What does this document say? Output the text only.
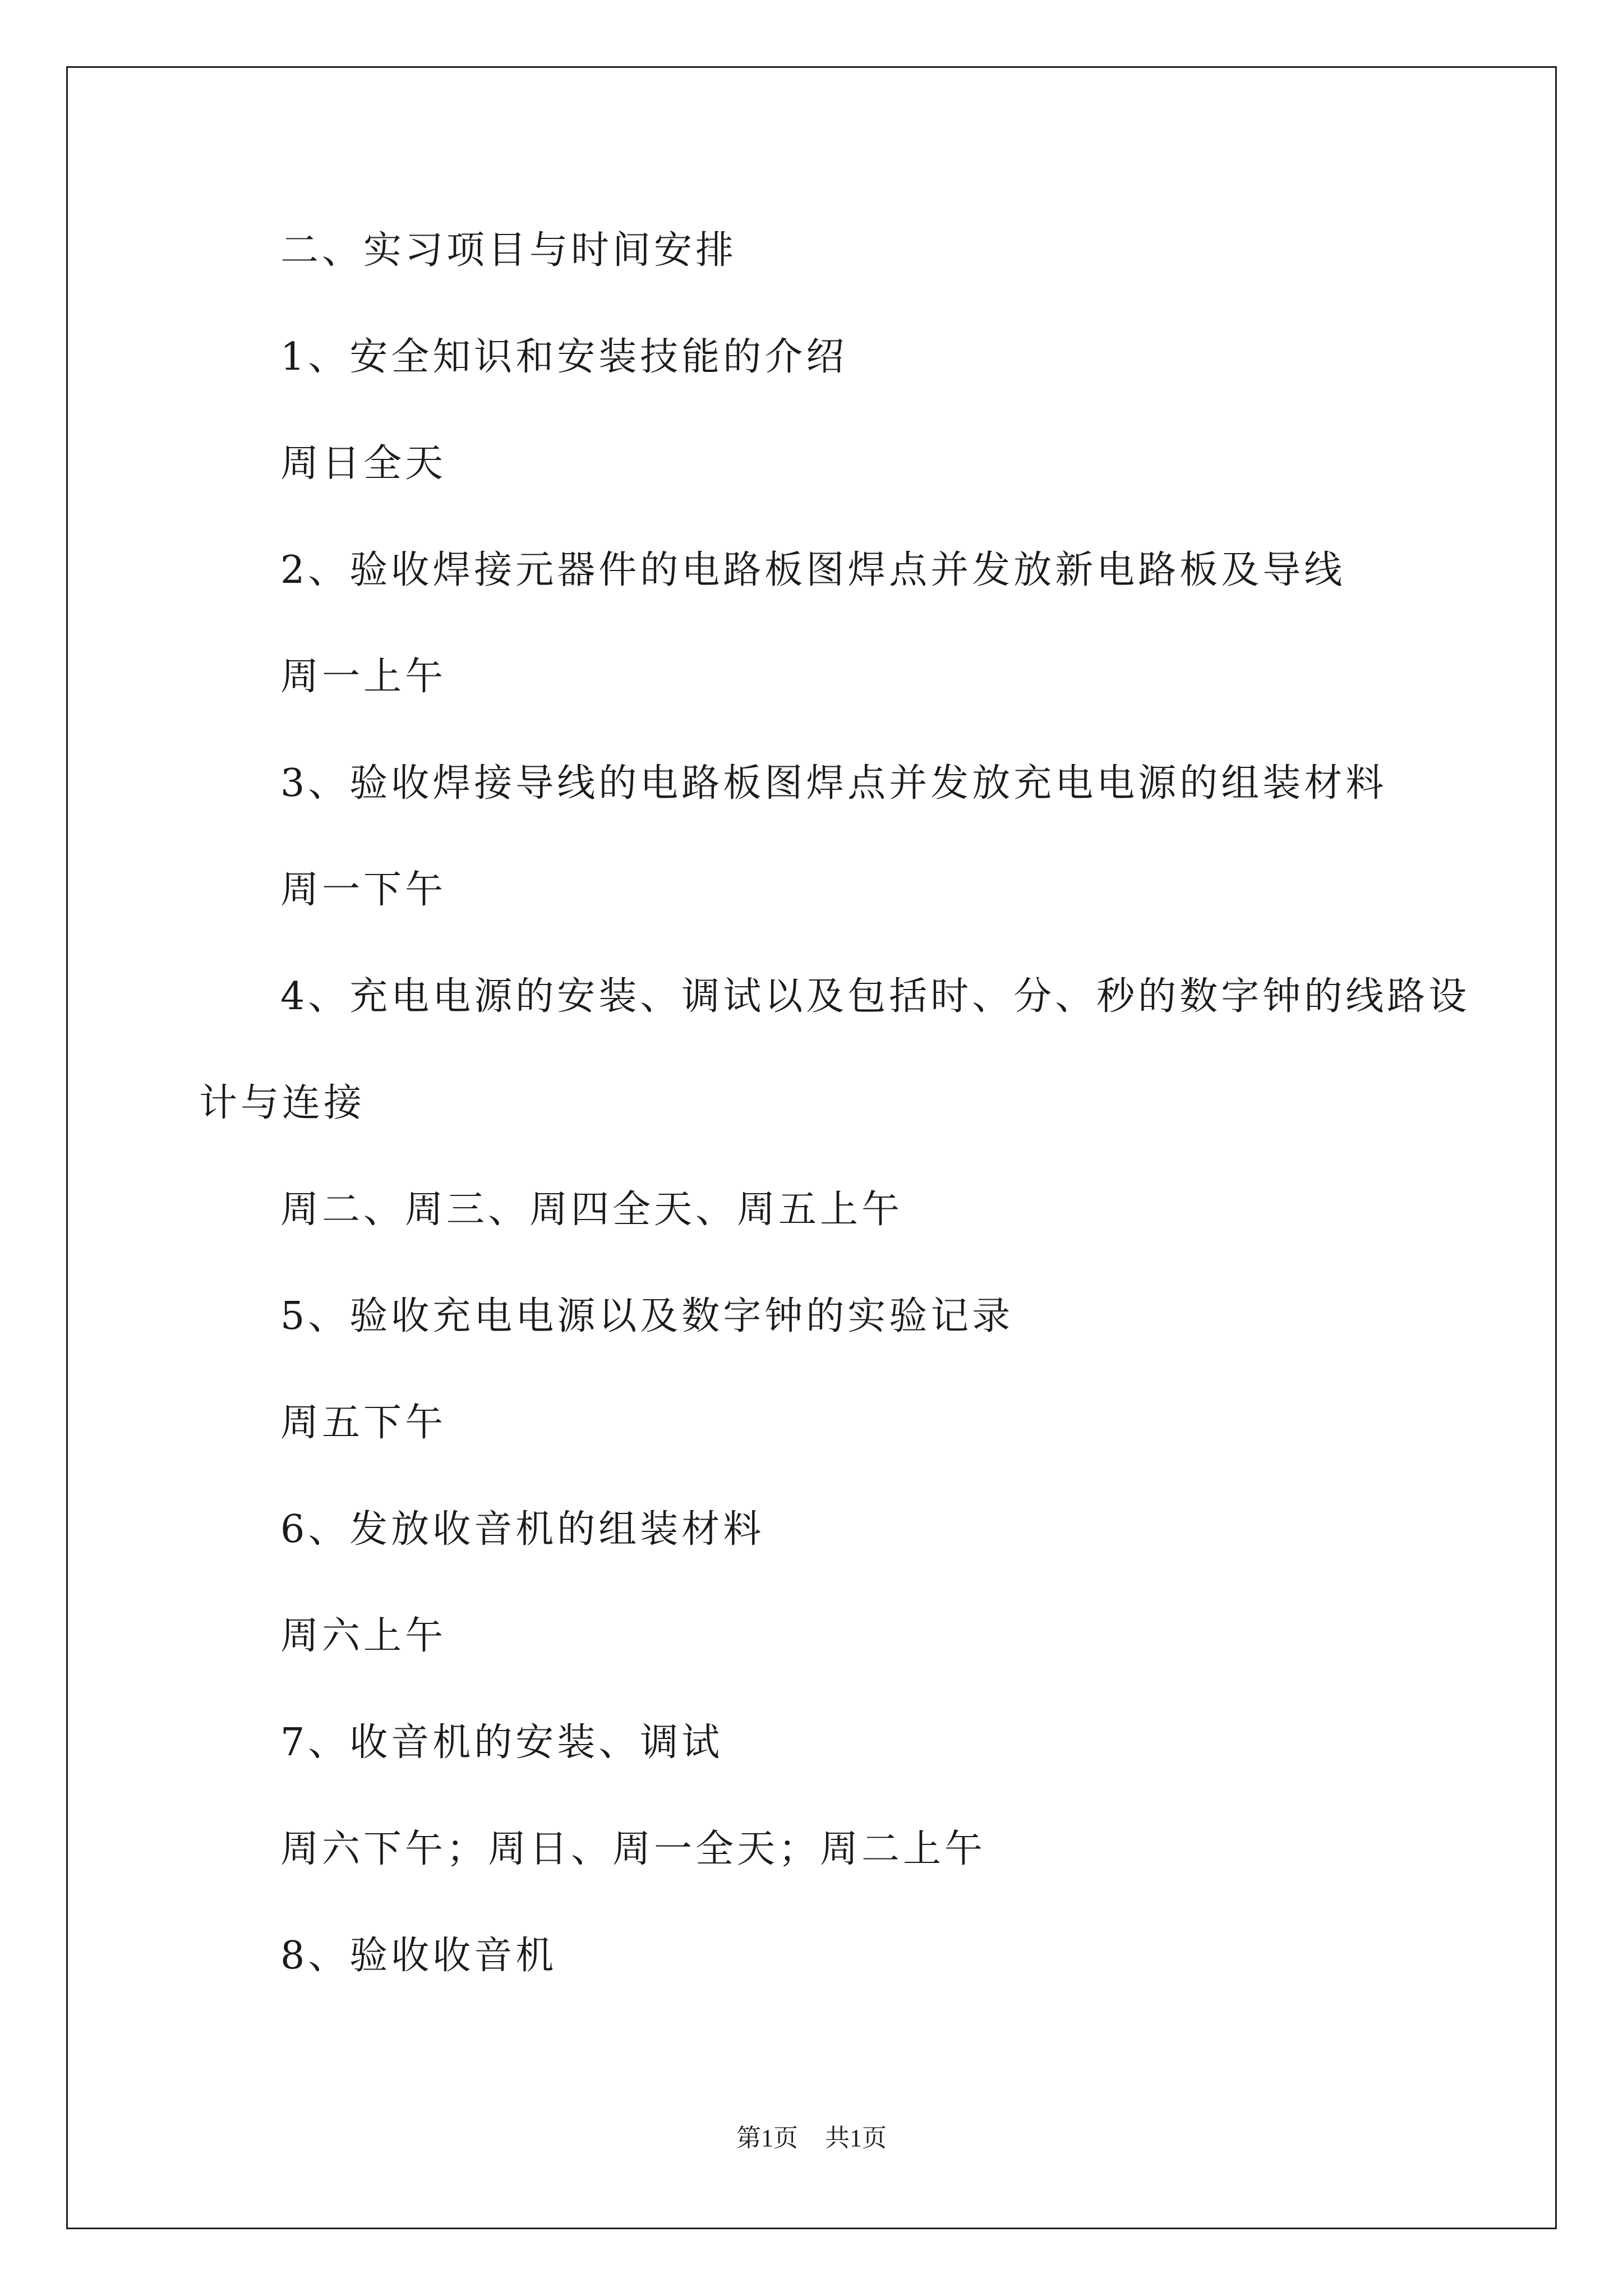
二、实习项目与时间安排
1、安全知识和安装技能的介绍
周日全天
2、验收焊接元器件的电路板图焊点并发放新电路板及导线
周一上午
3、验收焊接导线的电路板图焊点并发放充电电源的组装材料
周一下午
4、充电电源的安装、调试以及包括时、分、秒的数字钟的线路设
计与连接
周二、周三、周四全天、周五上午
5、验收充电电源以及数字钟的实验记录
周五下午
6、发放收音机的组装材料
周六上午
7、收音机的安装、调试
周六下午；周日、周一全天；周二上午
8、验收收音机
第1页 共1页
